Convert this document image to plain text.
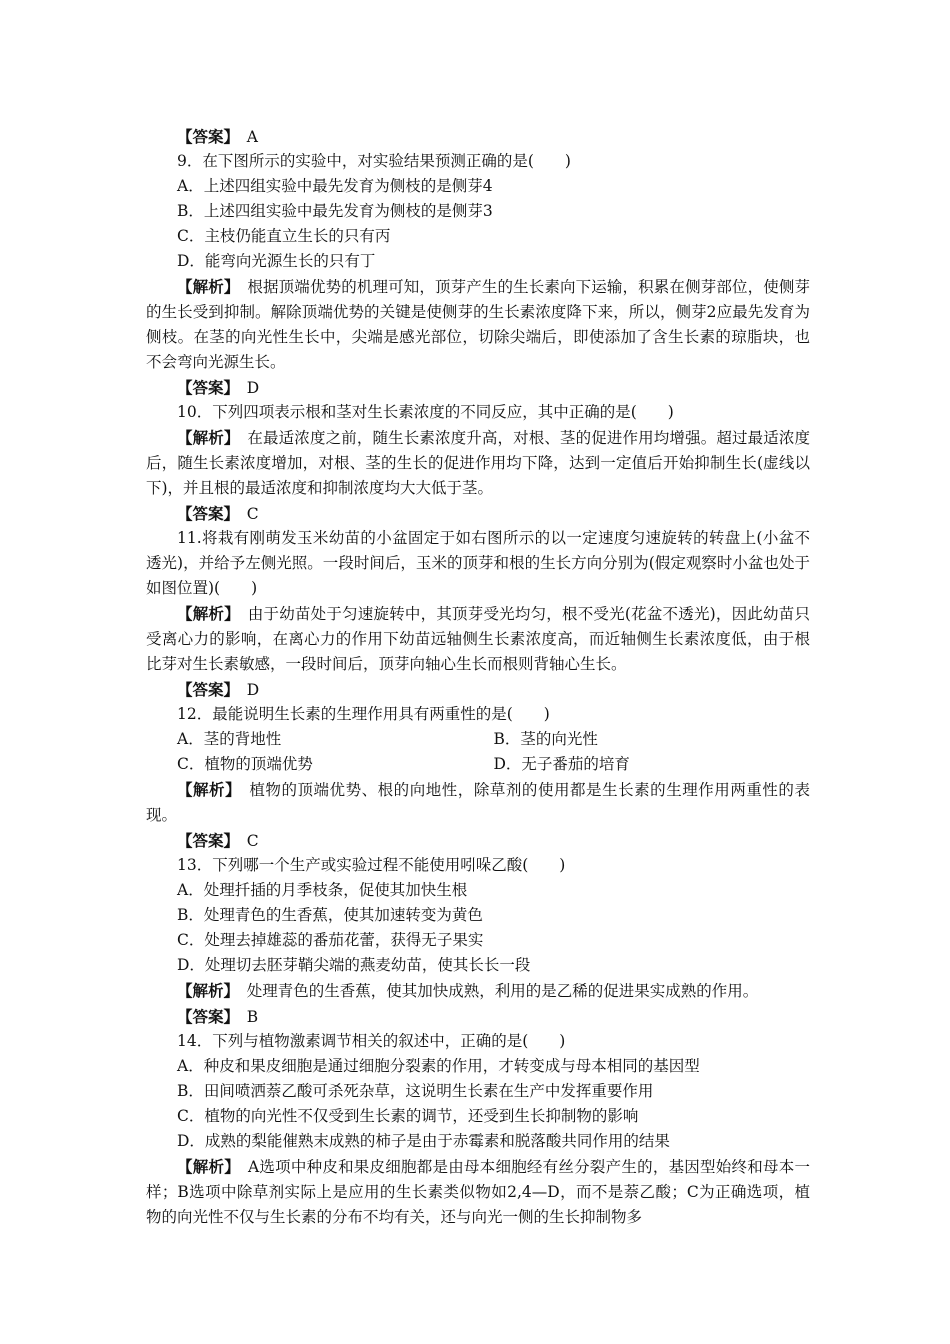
【答案】　 A
9．在下图所示的实验中，对实验结果预测正确的是(　　)
A．上述四组实验中最先发育为侧枝的是侧芽4
B．上述四组实验中最先发育为侧枝的是侧芽3
C．主枝仍能直立生长的只有丙
D．能弯向光源生长的只有丁
【解析】　 根据顶端优势的机理可知，顶芽产生的生长素向下运输，积累在侧芽部位，使侧芽的生长受到抑制。解除顶端优势的关键是使侧芽的生长素浓度降下来，所以，侧芽2应最先发育为侧枝。在茎的向光性生长中，尖端是感光部位，切除尖端后，即使添加了含生长素的琼脂块，也不会弯向光源生长。
【答案】　 D
10．下列四项表示根和茎对生长素浓度的不同反应，其中正确的是(　　)
【解析】　 在最适浓度之前，随生长素浓度升高，对根、茎的促进作用均增强。超过最适浓度后，随生长素浓度增加，对根、茎的生长的促进作用均下降，达到一定值后开始抑制生长(虚线以下)，并且根的最适浓度和抑制浓度均大大低于茎。
【答案】　 C
11.将栽有刚萌发玉米幼苗的小盆固定于如右图所示的以一定速度匀速旋转的转盘上(小盆不透光)，并给予左侧光照。一段时间后，玉米的顶芽和根的生长方向分别为(假定观察时小盆也处于如图位置)(　　)
【解析】　 由于幼苗处于匀速旋转中，其顶芽受光均匀，根不受光(花盆不透光)，因此幼苗只受离心力的影响，在离心力的作用下幼苗远轴侧生长素浓度高，而近轴侧生长素浓度低，由于根比芽对生长素敏感，一段时间后，顶芽向轴心生长而根则背轴心生长。
【答案】　 D
12．最能说明生长素的生理作用具有两重性的是(　　)
A．茎的背地性	B．茎的向光性
C．植物的顶端优势	D．无子番茄的培育
【解析】　 植物的顶端优势、根的向地性，除草剂的使用都是生长素的生理作用两重性的表现。
【答案】　 C
13．下列哪一个生产或实验过程不能使用吲哚乙酸(　　)
A．处理扦插的月季枝条，促使其加快生根
B．处理青色的生香蕉，使其加速转变为黄色
C．处理去掉雄蕊的番茄花蕾，获得无子果实
D．处理切去胚芽鞘尖端的燕麦幼苗，使其长长一段
【解析】　 处理青色的生香蕉，使其加快成熟，利用的是乙稀的促进果实成熟的作用。
【答案】　 B
14．下列与植物激素调节相关的叙述中，正确的是(　　)
A．种皮和果皮细胞是通过细胞分裂素的作用，才转变成与母本相同的基因型
B．田间喷洒萘乙酸可杀死杂草，这说明生长素在生产中发挥重要作用
C．植物的向光性不仅受到生长素的调节，还受到生长抑制物的影响
D．成熟的梨能催熟末成熟的柿子是由于赤霉素和脱落酸共同作用的结果
【解析】　 A选项中种皮和果皮细胞都是由母本细胞经有丝分裂产生的，基因型始终和母本一样；B选项中除草剂实际上是应用的生长素类似物如2,4—D，而不是萘乙酸；C为正确选项，植物的向光性不仅与生长素的分布不均有关，还与向光一侧的生长抑制物多
